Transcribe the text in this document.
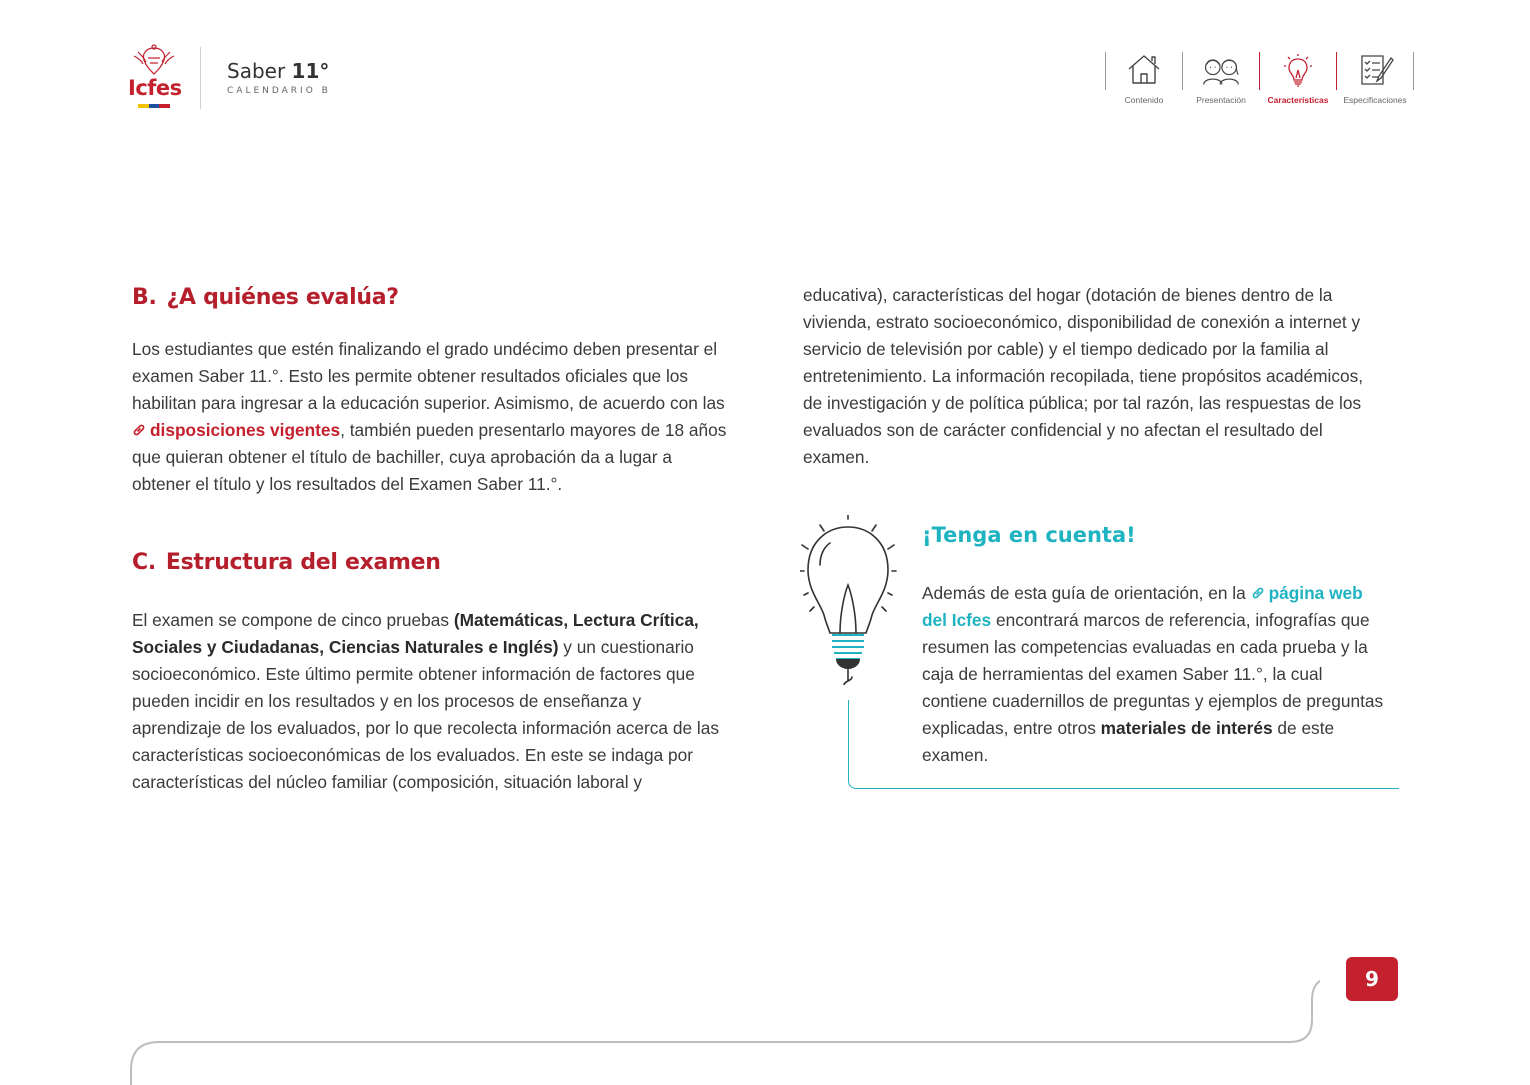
Icfes
Saber 11°
CALENDARIO B
Contenido	Presentación	Características	Especificaciones
B. ¿A quiénes evalúa?

Los estudiantes que estén finalizando el grado undécimo deben presentar el examen Saber 11.°. Esto les permite obtener resultados oficiales que los habilitan para ingresar a la educación superior. Asimismo, de acuerdo con las disposiciones vigentes, también pueden presentarlo mayores de 18 años que quieran obtener el título de bachiller, cuya aprobación da a lugar a obtener el título y los resultados del Examen Saber 11.°.

C. Estructura del examen

El examen se compone de cinco pruebas (Matemáticas, Lectura Crítica, Sociales y Ciudadanas, Ciencias Naturales e Inglés) y un cuestionario socioeconómico. Este último permite obtener información de factores que pueden incidir en los resultados y en los procesos de enseñanza y aprendizaje de los evaluados, por lo que recolecta información acerca de las características socioeconómicas de los evaluados. En este se indaga por características del núcleo familiar (composición, situación laboral y

educativa), características del hogar (dotación de bienes dentro de la vivienda, estrato socioeconómico, disponibilidad de conexión a internet y servicio de televisión por cable) y el tiempo dedicado por la familia al entretenimiento. La información recopilada, tiene propósitos académicos, de investigación y de política pública; por tal razón, las respuestas de los evaluados son de carácter confidencial y no afectan el resultado del examen.

¡Tenga en cuenta!

Además de esta guía de orientación, en la página web del Icfes encontrará marcos de referencia, infografías que resumen las competencias evaluadas en cada prueba y la caja de herramientas del examen Saber 11.°, la cual contiene cuadernillos de preguntas y ejemplos de preguntas explicadas, entre otros materiales de interés de este examen.

9
